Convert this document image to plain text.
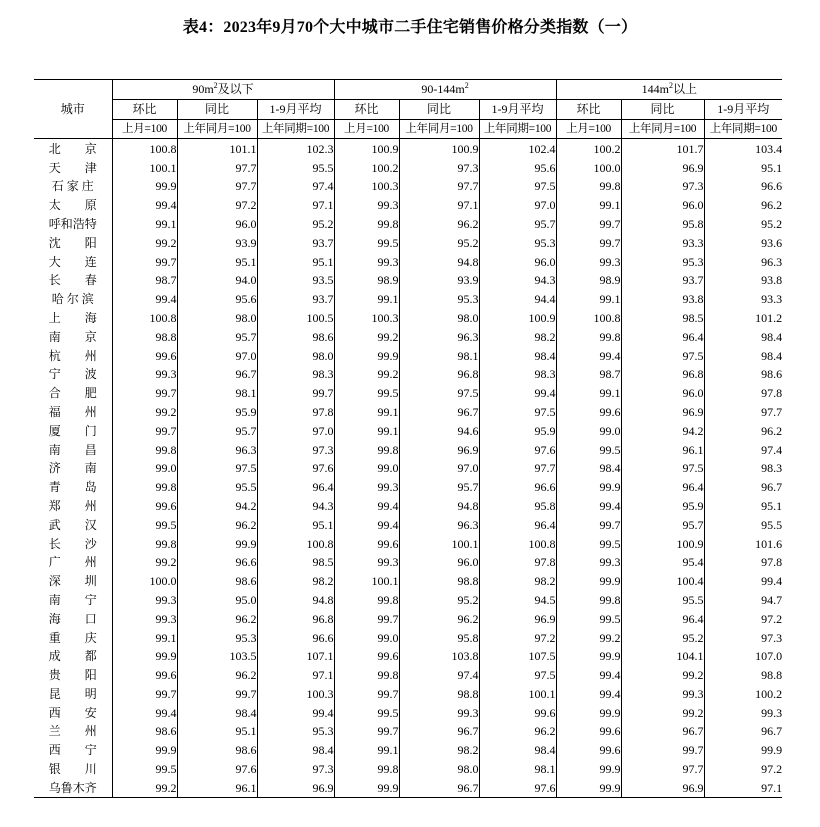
表4：2023年9月70个大中城市二手住宅销售价格分类指数（一）
城市	$90m^2$及以下			$90-144m^2$			$144m^2$以上		
	环比	同比	1-9月平均	环比	同比	1-9月平均	环比	同比	1-9月平均
	上月=100	上年同月=100	上年同期=100	上月=100	上年同月=100	上年同期=100	上月=100	上年同月=100	上年同期=100
北　　京	100.8	101.1	102.3	100.9	100.9	102.4	100.2	101.7	103.4
天　　津	100.1	97.7	95.5	100.2	97.3	95.6	100.0	96.9	95.1
石 家 庄	99.9	97.7	97.4	100.3	97.7	97.5	99.8	97.3	96.6
太　　原	99.4	97.2	97.1	99.3	97.1	97.0	99.1	96.0	96.2
呼和浩特	99.1	96.0	95.2	99.8	96.2	95.7	99.7	95.8	95.2
沈　　阳	99.2	93.9	93.7	99.5	95.2	95.3	99.7	93.3	93.6
大　　连	99.7	95.1	95.1	99.3	94.8	96.0	99.3	95.3	96.3
长　　春	98.7	94.0	93.5	98.9	93.9	94.3	98.9	93.7	93.8
哈 尔 滨	99.4	95.6	93.7	99.1	95.3	94.4	99.1	93.8	93.3
上　　海	100.8	98.0	100.5	100.3	98.0	100.9	100.8	98.5	101.2
南　　京	98.8	95.7	98.6	99.2	96.3	98.2	99.8	96.4	98.4
杭　　州	99.6	97.0	98.0	99.9	98.1	98.4	99.4	97.5	98.4
宁　　波	99.3	96.7	98.3	99.2	96.8	98.3	98.7	96.8	98.6
合　　肥	99.7	98.1	99.7	99.5	97.5	99.4	99.1	96.0	97.8
福　　州	99.2	95.9	97.8	99.1	96.7	97.5	99.6	96.9	97.7
厦　　门	99.7	95.7	97.0	99.1	94.6	95.9	99.0	94.2	96.2
南　　昌	99.8	96.3	97.3	99.8	96.9	97.6	99.5	96.1	97.4
济　　南	99.0	97.5	97.6	99.0	97.0	97.7	98.4	97.5	98.3
青　　岛	99.8	95.5	96.4	99.3	95.7	96.6	99.9	96.4	96.7
郑　　州	99.6	94.2	94.3	99.4	94.8	95.8	99.4	95.9	95.1
武　　汉	99.5	96.2	95.1	99.4	96.3	96.4	99.7	95.7	95.5
长　　沙	99.8	99.9	100.8	99.6	100.1	100.8	99.5	100.9	101.6
广　　州	99.2	96.6	98.5	99.3	96.0	97.8	99.3	95.4	97.8
深　　圳	100.0	98.6	98.2	100.1	98.8	98.2	99.9	100.4	99.4
南　　宁	99.3	95.0	94.8	99.8	95.2	94.5	99.8	95.5	94.7
海　　口	99.3	96.2	96.8	99.7	96.2	96.9	99.5	96.4	97.2
重　　庆	99.1	95.3	96.6	99.0	95.8	97.2	99.2	95.2	97.3
成　　都	99.9	103.5	107.1	99.6	103.8	107.5	99.9	104.1	107.0
贵　　阳	99.6	96.2	97.1	99.8	97.4	97.5	99.4	99.2	98.8
昆　　明	99.7	99.7	100.3	99.7	98.8	100.1	99.4	99.3	100.2
西　　安	99.4	98.4	99.4	99.5	99.3	99.6	99.9	99.2	99.3
兰　　州	98.6	95.1	95.3	99.7	96.7	96.2	99.6	96.7	96.7
西　　宁	99.9	98.6	98.4	99.1	98.2	98.4	99.6	99.7	99.9
银　　川	99.5	97.6	97.3	99.8	98.0	98.1	99.9	97.7	97.2
乌鲁木齐	99.2	96.1	96.9	99.9	96.7	97.6	99.9	96.9	97.1
